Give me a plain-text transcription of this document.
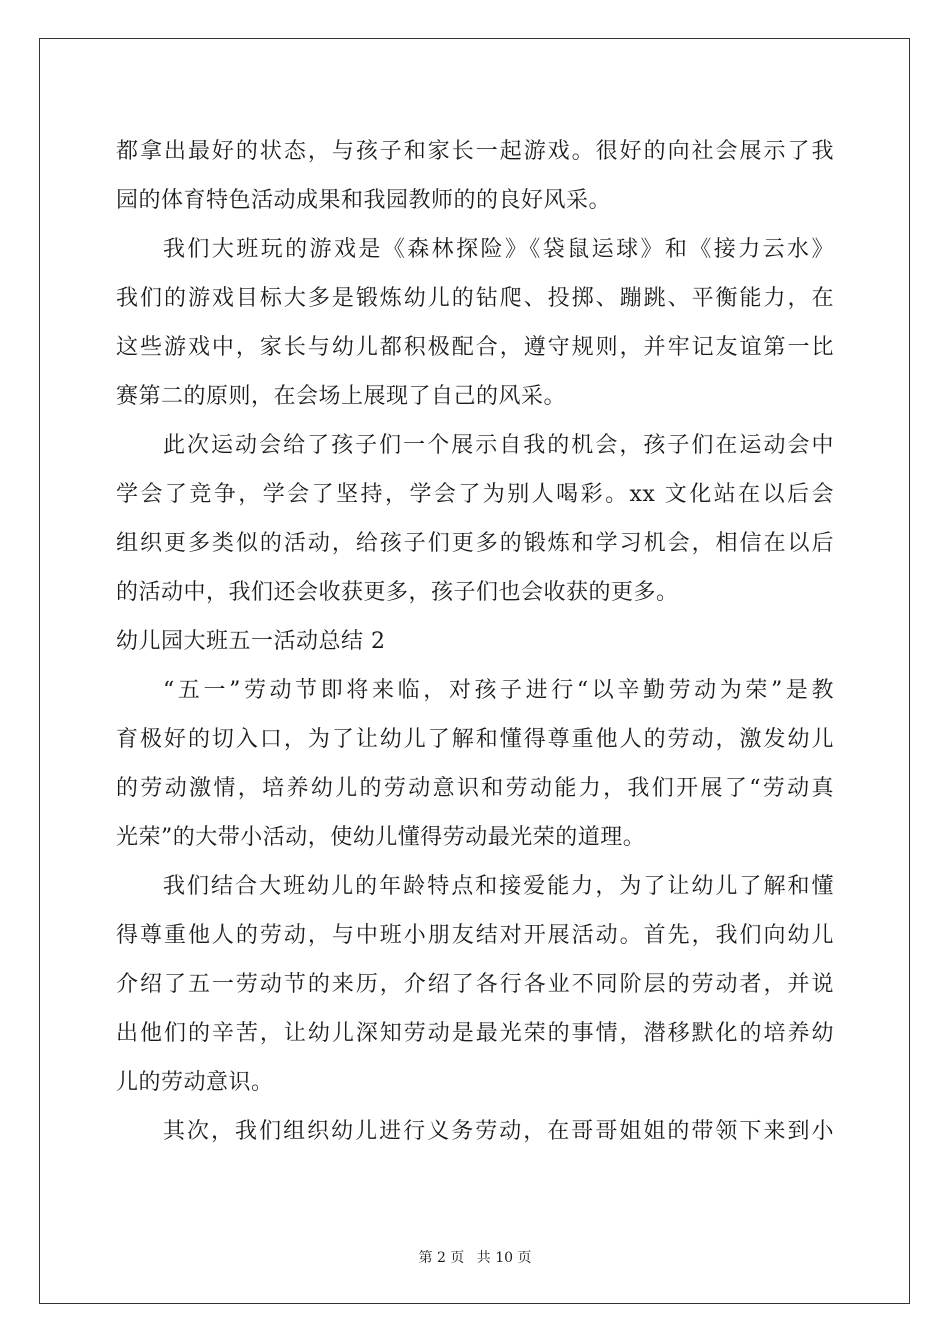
都拿出最好的状态，与孩子和家长一起游戏。很好的向社会展示了我
园的体育特色活动成果和我园教师的的良好风采。
我们大班玩的游戏是《森林探险》《袋鼠运球》和《接力云水》
我们的游戏目标大多是锻炼幼儿的钻爬、投掷、蹦跳、平衡能力，在
这些游戏中，家长与幼儿都积极配合，遵守规则，并牢记友谊第一比
赛第二的原则，在会场上展现了自己的风采。
此次运动会给了孩子们一个展示自我的机会，孩子们在运动会中
学会了竞争，学会了坚持，学会了为别人喝彩。xx 文化站在以后会
组织更多类似的活动，给孩子们更多的锻炼和学习机会，相信在以后
的活动中，我们还会收获更多，孩子们也会收获的更多。
幼儿园大班五一活动总结 2
“五一”劳动节即将来临，对孩子进行“以辛勤劳动为荣”是教
育极好的切入口，为了让幼儿了解和懂得尊重他人的劳动，激发幼儿
的劳动激情，培养幼儿的劳动意识和劳动能力，我们开展了“劳动真
光荣”的大带小活动，使幼儿懂得劳动最光荣的道理。
我们结合大班幼儿的年龄特点和接爱能力，为了让幼儿了解和懂
得尊重他人的劳动，与中班小朋友结对开展活动。首先，我们向幼儿
介绍了五一劳动节的来历，介绍了各行各业不同阶层的劳动者，并说
出他们的辛苦，让幼儿深知劳动是最光荣的事情，潜移默化的培养幼
儿的劳动意识。
其次，我们组织幼儿进行义务劳动，在哥哥姐姐的带领下来到小
第 2 页 共 10 页
